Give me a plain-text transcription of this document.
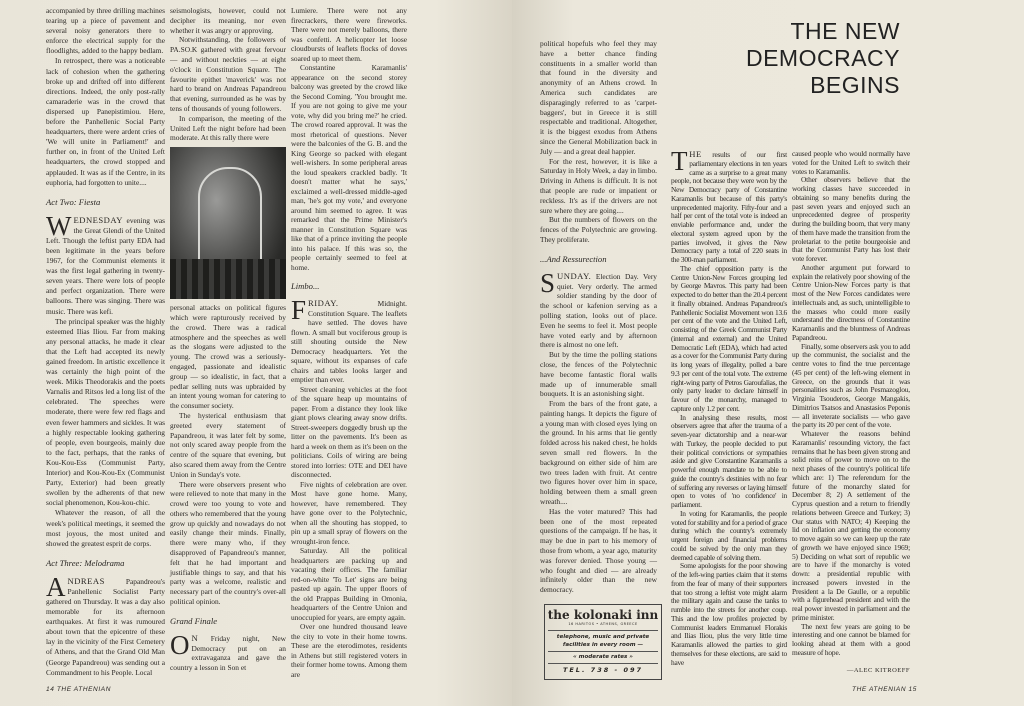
accompanied by three drilling machines tearing up a piece of pavement and several noisy generators there to enforce the electrical supply for the floodlights, added to the happy bedlam.

In retrospect, there was a noticeable lack of cohesion when the gathering broke up and drifted off into different directions. Indeed, the only post-rally camaraderie was in the crowd that dispersed up Panepistimiou. Here, before the Panhellenic Social Party headquarters, there were ardent cries of 'We will unite in Parliament!' and further on, in front of the United Left headquarters, the crowd stopped and applauded. It was as if the Centre, in its euphoria, had forgotten to unite....

Act Two: Fiesta

WEDNESDAY evening was the Great Glendi of the United Left. Though the leftist party EDA had been legitimate in the years before 1967, for the Communist elements it was the first legal gathering in twenty-seven years. There were lots of people and perfect organization. There were balloons. There was singing. There was music. There was kefi.

The principal speaker was the highly esteemed Ilias Iliou. Far from making any personal attacks, he made it clear that the Left had accepted its newly gained freedom. In artistic excellence it was certainly the high point of the week. Mikis Theodorakis and the poets Varnalis and Ritsos led a long list of the celebrated. The speeches were moderate, there were few red flags and even fewer hammers and sickles. It was a highly respectable looking gathering of people, even bourgeois, mainly due to the fact, perhaps, that the ranks of Kou-Kou-Ess (Communist Party, Interior) and Kou-Kou-Ex (Communist Party, Exterior) had been greatly swollen by the adherents of that new social phenomenon, Kou-kou-chic.

Whatever the reason, of all the week's political meetings, it seemed the most joyous, the most united and showed the greatest esprit de corps.

Act Three: Melodrama

ANDREAS Papandreou's Panhellenic Socialist Party gathered on Thursday. It was a day also memorable for its afternoon earthquakes. At first it was rumoured about town that the epicentre of these lay in the vicinity of the First Cemetery of Athens, and that the Grand Old Man (George Papandreou) was sending out a Commandment to his People. Local

seismologists, however, could not decipher its meaning, nor even whether it was angry or approving.

Notwithstanding, the followers of PA.SO.K gathered with great fervour — and without neckties — at eight o'clock in Constitution Square. The favourite epithet 'maverick' was not hard to brand on Andreas Papandreou that evening, surrounded as he was by tens of thousands of young followers.

In comparison, the meeting of the United Left the night before had been moderate. At this rally there were

personal attacks on political figures which were rapturously received by the crowd. There was a radical atmosphere and the speeches as well as the slogans were adjusted to the young. The crowd was a seriously-engaged, passionate and idealistic group — so idealistic, in fact, that a pedlar selling nuts was upbraided by an intent young woman for catering to the consumer society.

The hysterical enthusiasm that greeted every statement of Papandreou, it was later felt by some, not only scared away people from the centre of the square that evening, but also scared them away from the Centre Union in Sunday's vote.

There were observers present who were relieved to note that many in the crowd were too young to vote and others who remembered that the young grow up quickly and nowadays do not easily change their minds. Finally, there were many who, if they disapproved of Papandreou's manner, felt that he had important and justifiable things to say, and that his party was a welcome, realistic and necessary part of the country's over-all political opinion.

Grand Finale

O N Friday night, New Democracy put on an extravaganza and gave the country a lesson in Son et

Lumiere. There were not any firecrackers, there were fireworks. There were not merely balloons, there was confetti. A helicopter let loose cloudbursts of leaflets flocks of doves soared up to meet them.

Constantine Karamanlis' appearance on the second storey balcony was greeted by the crowd like the Second Coming. 'You brought me. If you are not going to give me your vote, why did you bring me?' he cried. The crowd roared approval. It was the most rhetorical of questions. Never were the balconies of the G. B. and the King George so packed with elegant well-wishers. In some peripheral areas the loud speakers crackled badly. 'It doesn't matter what he says,' exclaimed a well-dressed middle-aged man, 'he's got my vote,' and everyone around him seemed to agree. It was remarked that the Prime Minister's manner in Constitution Square was like that of a prince inviting the people into his palace. If this was so, the people certainly seemed to feel at home.

Limbo...

FRIDAY. Midnight. Constitution Square. The leaflets have settled. The doves have flown. A small but vociferous group is still shouting outside the New Democracy headquarters. Yet the square, without its expanses of cafe chairs and tables looks larger and emptier than ever.

Street cleaning vehicles at the foot of the square heap up mountains of paper. From a distance they look like giant plows clearing away snow drifts. Street-sweepers doggedly brush up the litter on the pavements. It's been as hard a week on them as it's been on the politicians. Coils of wiring are being stored into lorries: OTE and DEI have disconnected.

Five nights of celebration are over. Most have gone home. Many, however, have remembered. They have gone over to the Polytechnic, when all the shouting has stopped, to pin up a small spray of flowers on the wrought-iron fence.

Saturday. All the political headquarters are packing up and vacating their offices. The familiar red-on-white 'To Let' signs are being pasted up again. The upper floors of the old Prappas Building in Omonia, headquarters of the Centre Union and unoccupied for years, are empty again.

Over one hundred thousand leave the city to vote in their home towns. These are the eterodimotes, residents in Athens but still registered voters in their former home towns. Among them are

14 THE ATHENIAN

political hopefuls who feel they may have a better chance finding constituents in a smaller world than that found in the diversity and anonymity of an Athens crowd. In America such candidates are disparagingly referred to as 'carpet-baggers', but in Greece it is still respectable and traditional. Altogether, it is the biggest exodus from Athens since the General Mobilization back in July — and a great deal happier.

For the rest, however, it is like a Saturday in Holy Week, a day in limbo. Driving in Athens is difficult. It is not that people are rude or impatient or reckless. It's as if the drivers are not sure where they are going....

But the numbers of flowers on the fences of the Polytechnic are growing. They proliferate.

...And Ressurection

SUNDAY. Election Day. Very quiet. Very orderly. The armed soldier standing by the door of the school or kafenion serving as a polling station, looks out of place. Even he seems to feel it. Most people have voted early and by afternoon there is almost no one left.

But by the time the polling stations close, the fences of the Polytechnic have become fantastic floral walls made up of innumerable small bouquets. It is an astonishing sight.

From the bars of the front gate, a painting hangs. It depicts the figure of a young man with closed eyes lying on the ground. In his arms that lie gently folded across his naked chest, he holds seven small red flowers. In the background on either side of him are two trees laden with fruit. At centre two figures hover over him in space, holding between them a small green wreath....

Has the voter matured? This had been one of the most repeated questions of the campaign. If he has, it may be due in part to his memory of those from whom, a year ago, maturity was forever denied. Those young — who fought and died — are already infinitely older than the new democracy.

the kolonaki inn
16 HARITOS • ATHENS, GREECE
telephone, music and private facilities in every room —
« moderate rates »
TEL. 738 - 097

THE results of our first parliamentary elections in ten years came as a surprise to a great many people, not because they were won by the New Democracy party of Constantine Karamanlis but because of this party's unprecedented majority. Fifty-four and a half per cent of the total vote is indeed an enviable performance and, under the electoral system agreed upon by the parties involved, it gives the New Democracy party a total of 220 seats in the 300-man parliament.

The chief opposition party is the Centre Union-New Forces grouping led by George Mavros. This party had been expected to do better than the 20.4 percent it finally obtained. Andreas Papandreou's Panhellenic Socialist Movement won 13.6 per cent of the vote and the United Left, consisting of the Greek Communist Party (internal and external) and the United Democratic Left (EDA), which had acted as a cover for the Communist Party during its long years of illegality, polled a bare 9.3 per cent of the total vote. The extreme right-wing party of Petros Garoufalias, the only party leader to declare himself in favour of the monarchy, managed to capture only 1.2 per cent.

In analysing these results, most observers agree that after the trauma of a seven-year dictatorship and a near-war with Turkey, the people decided to put their political convictions or sympathies aside and give Constantine Karamanlis a powerful enough mandate to be able to guide the country's destinies with no fear of suffering any reverses or laying himself open to votes of 'no confidence' in parliament.

In voting for Karamanlis, the people voted for stability and for a period of grace during which the country's extremely urgent foreign and financial problems could be solved by the only man they deemed capable of solving them.

Some apologists for the poor showing of the left-wing parties claim that it stems from the fear of many of their supporters that too strong a leftist vote might alarm the military again and cause the tanks to rumble into the streets for another coup. This and the low profiles projected by Communist leaders Emmanuel Florakis and Ilias Iliou, plus the very little time Karamanlis allowed the parties to gird themselves for these elections, are said to have

caused people who would normally have voted for the United Left to switch their votes to Karamanlis.

Other observers believe that the working classes have succeeded in obtaining so many benefits during the past seven years and enjoyed such an unprecedented degree of prosperity during the building boom, that very many of them have made the transition from the proletariat to the petite bourgeoisie and that the Communist Party has lost their vote forever.

Another argument put forward to explain the relatively poor showing of the Centre Union-New Forces party is that most of the New Forces candidates were intellectuals and, as such, unintelligible to the masses who could more easily understand the directness of Constantine Karamanlis and the bluntness of Andreas Papandreou.

Finally, some observers ask you to add up the communist, the socialist and the centre votes to find the true percentage (45 per cent) of the left-wing element in Greece, on the grounds that it was personalities such as John Pesmazoglou, Virginia Tsouderos, George Mangakis, Dimitrios Tsatsos and Anastasios Peponis — all inveterate socialists — who gave the party its 20 per cent of the vote.

Whatever the reasons behind Karamanlis' resounding victory, the fact remains that he has been given strong and solid reins of power to move on to the next phases of the country's political life which are: 1) The referendum for the future of the monarchy slated for December 8; 2) A settlement of the Cyprus question and a return to friendly relations between Greece and Turkey; 3) Our status with NATO; 4) Keeping the lid on inflation and getting the economy to move again so we can keep up the rate of growth we have enjoyed since 1969; 5) Deciding on what sort of republic we are to have if the monarchy is voted down: a presidential republic with increased powers invested in the President a la De Gaulle, or a republic with a figurehead president and with the real power invested in parliament and the prime minister.

The next few years are going to be interesting and one cannot be blamed for looking ahead at them with a good measure of hope.

—ALEC KITROEFF
THE ATHENIAN 15
THE NEW DEMOCRACY BEGINS
